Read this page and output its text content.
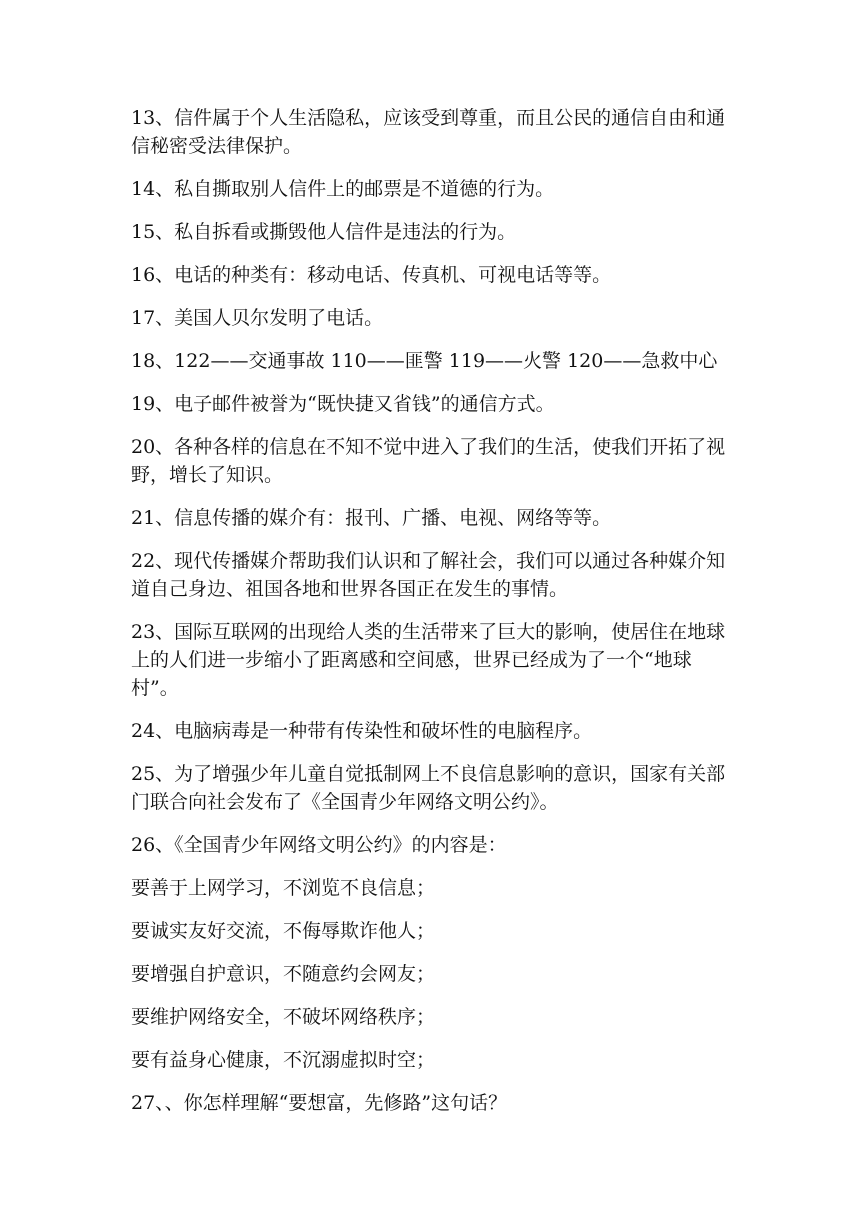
13、信件属于个人生活隐私，应该受到尊重，而且公民的通信自由和通信秘密受法律保护。

14、私自撕取别人信件上的邮票是不道德的行为。

15、私自拆看或撕毁他人信件是违法的行为。

16、电话的种类有：移动电话、传真机、可视电话等等。

17、美国人贝尔发明了电话。

18、122——交通事故 110——匪警 119——火警 120——急救中心

19、电子邮件被誉为“既快捷又省钱”的通信方式。

20、各种各样的信息在不知不觉中进入了我们的生活，使我们开拓了视野，增长了知识。

21、信息传播的媒介有：报刊、广播、电视、网络等等。

22、现代传播媒介帮助我们认识和了解社会，我们可以通过各种媒介知道自己身边、祖国各地和世界各国正在发生的事情。

23、国际互联网的出现给人类的生活带来了巨大的影响，使居住在地球上的人们进一步缩小了距离感和空间感，世界已经成为了一个“地球村”。

24、电脑病毒是一种带有传染性和破坏性的电脑程序。

25、为了增强少年儿童自觉抵制网上不良信息影响的意识，国家有关部门联合向社会发布了《全国青少年网络文明公约》。

26、《全国青少年网络文明公约》的内容是：

要善于上网学习，不浏览不良信息；

要诚实友好交流，不侮辱欺诈他人；

要增强自护意识，不随意约会网友；

要维护网络安全，不破坏网络秩序；

要有益身心健康，不沉溺虚拟时空；

27、、你怎样理解“要想富，先修路”这句话？
